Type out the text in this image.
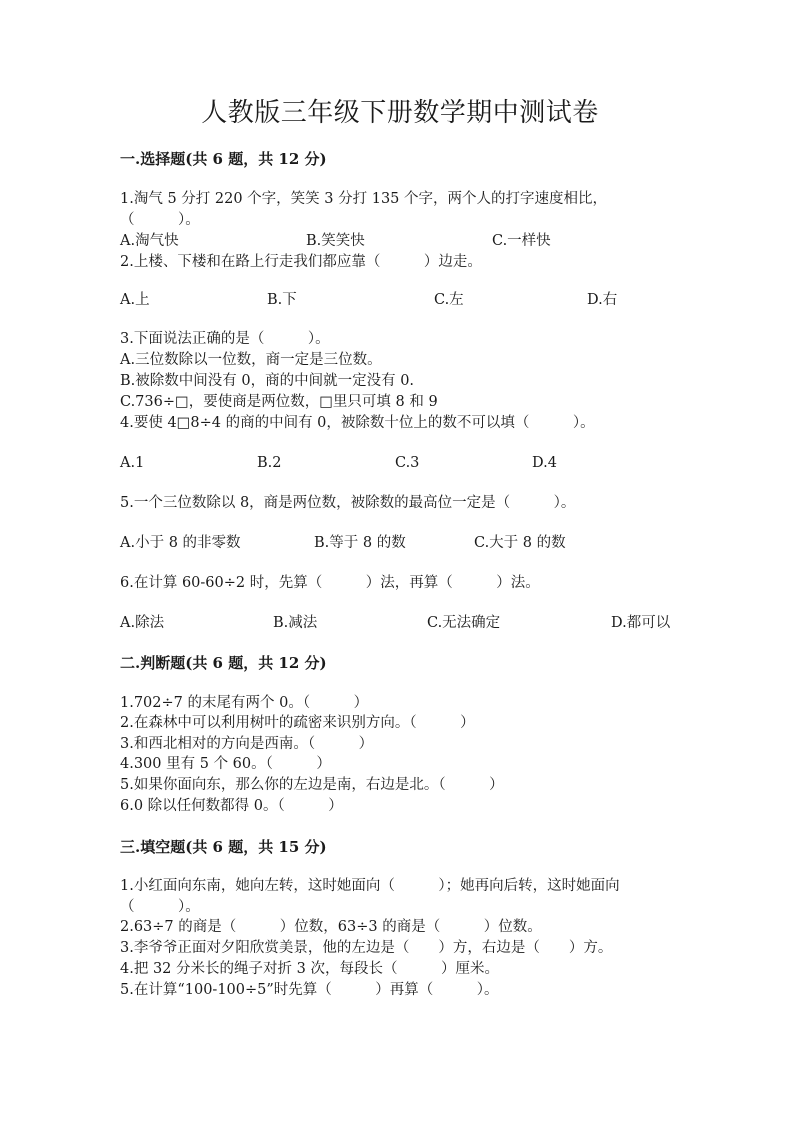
人教版三年级下册数学期中测试卷
一.选择题(共 6 题，共 12 分)
1.淘气 5 分打 220 个字，笑笑 3 分打 135 个字，两个人的打字速度相比，
（　　　）。
A.淘气快	B.笑笑快	C.一样快
2.上楼、下楼和在路上行走我们都应靠（　　　）边走。
A.上	B.下	C.左	D.右
3.下面说法正确的是（　　　）。
A.三位数除以一位数，商一定是三位数。
B.被除数中间没有 0，商的中间就一定没有 0.
C.736÷□，要使商是两位数，□里只可填 8 和 9
4.要使 4□8÷4 的商的中间有 0，被除数十位上的数不可以填（　　　）。
A.1	B.2	C.3	D.4
5.一个三位数除以 8，商是两位数，被除数的最高位一定是（　　　）。
A.小于 8 的非零数	B.等于 8 的数	C.大于 8 的数
6.在计算 60-60÷2 时，先算（　　　）法，再算（　　　）法。
A.除法	B.减法	C.无法确定	D.都可以
二.判断题(共 6 题，共 12 分)
1.702÷7 的末尾有两个 0。（　　　）
2.在森林中可以利用树叶的疏密来识别方向。（　　　）
3.和西北相对的方向是西南。（　　　）
4.300 里有 5 个 60。（　　　）
5.如果你面向东，那么你的左边是南，右边是北。（　　　）
6.0 除以任何数都得 0。（　　　）
三.填空题(共 6 题，共 15 分)
1.小红面向东南，她向左转，这时她面向（　　　）；她再向后转，这时她面向
（　　　）。
2.63÷7 的商是（　　　）位数，63÷3 的商是（　　　）位数。
3.李爷爷正面对夕阳欣赏美景，他的左边是（　　）方，右边是（　　）方。
4.把 32 分米长的绳子对折 3 次，每段长（　　　）厘米。
5.在计算“100-100÷5”时先算（　　　）再算（　　　）。
